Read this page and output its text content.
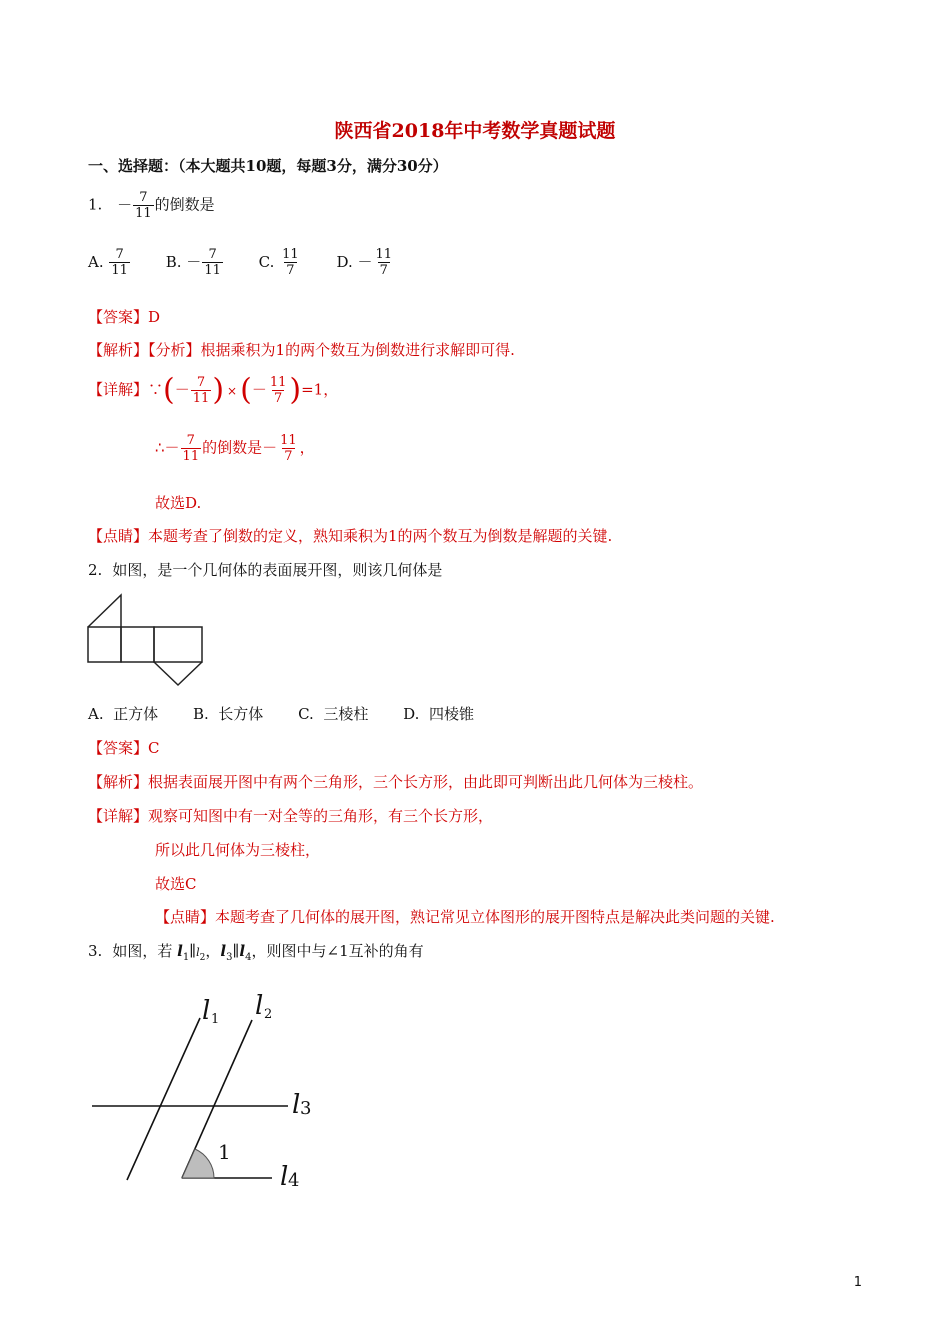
陕西省2018年中考数学真题试题
一、选择题：（本大题共10题，每题3分，满分30分）
1. － $\frac{7}{11}$ 的倒数是
A. $\frac{7}{11} B$. － $\frac{7}{11} C$. $\frac{11}{7} D$. － $\frac{11}{7}$
【答案】D
【解析】【分析】根据乘积为1的两个数互为倒数进行求解即可得.
【详解】∵(－ $\frac{7}{11}$ ) × (－ $\frac{11}{7} )=1$，
∴－ $\frac{7}{11}$ 的倒数是－ $\frac{11}{7}$ ，
故选D.
【点睛】本题考查了倒数的定义，熟知乘积为1的两个数互为倒数是解题的关键.
2. 如图，是一个几何体的表面展开图，则该几何体是
A. 正方体 B. 长方体 C. 三棱柱 D. 四棱锥
【答案】C
【解析】根据表面展开图中有两个三角形，三个长方形，由此即可判断出此几何体为三棱柱。
【详解】观察可知图中有一对全等的三角形，有三个长方形，
所以此几何体为三棱柱，
故选C
【点睛】本题考查了几何体的展开图，熟记常见立体图形的展开图特点是解决此类问题的关键.
3. 如图，若 $l_1\parallel l_2$，$l_3\parallel l_4$，则图中与∠1互补的角有
l 1 l 2
l 3
l 4
1
1
